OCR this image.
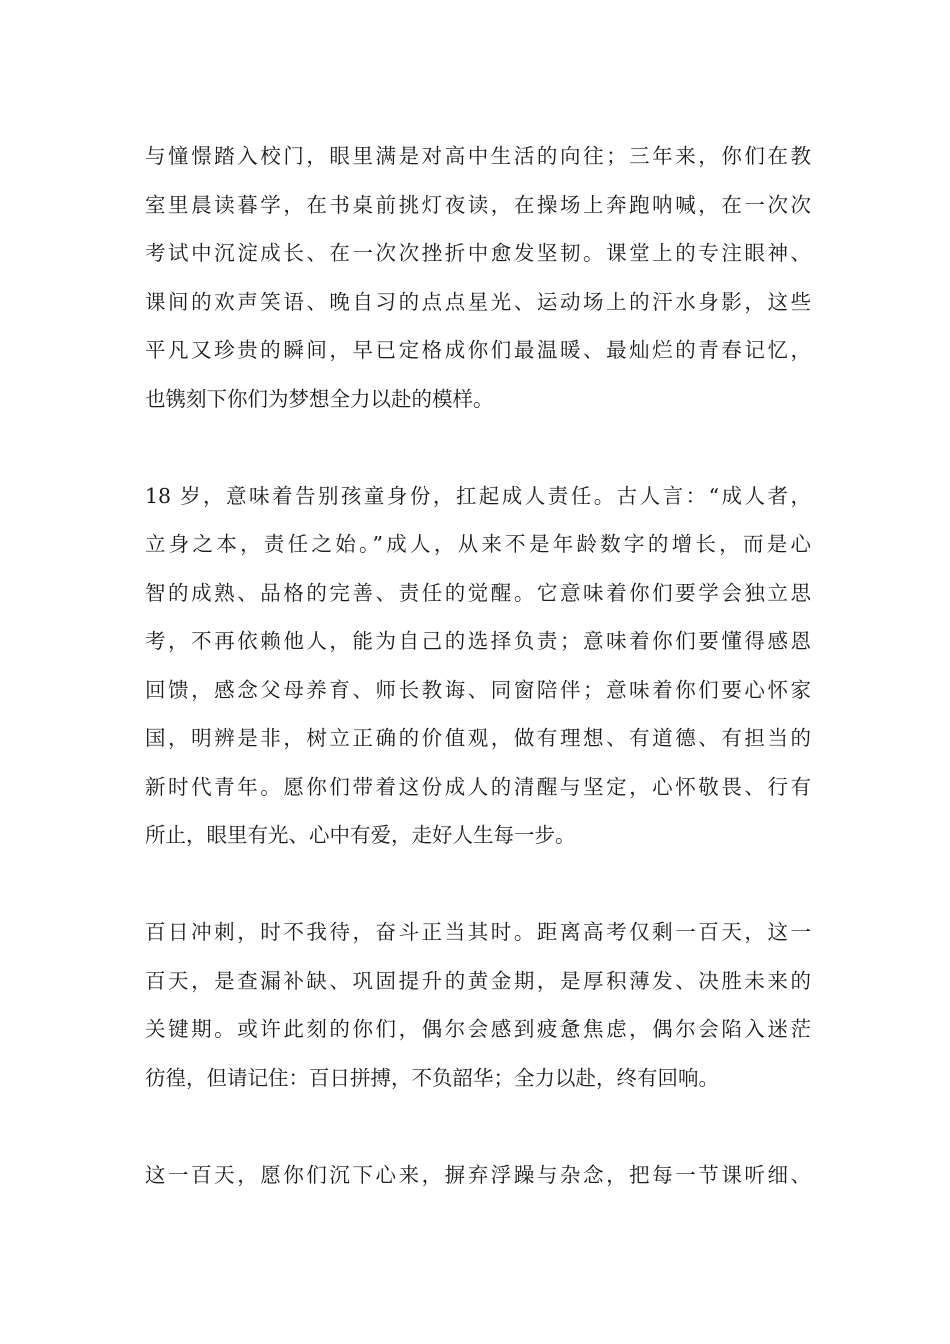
与憧憬踏入校门，眼里满是对高中生活的向往；三年来，你们在教
室里晨读暮学，在书桌前挑灯夜读，在操场上奔跑呐喊，在一次次
考试中沉淀成长、在一次次挫折中愈发坚韧。课堂上的专注眼神、
课间的欢声笑语、晚自习的点点星光、运动场上的汗水身影，这些
平凡又珍贵的瞬间，早已定格成你们最温暖、最灿烂的青春记忆，
也镌刻下你们为梦想全力以赴的模样。

18 岁，意味着告别孩童身份，扛起成人责任。古人言：“成人者，
立身之本，责任之始。”成人，从来不是年龄数字的增长，而是心
智的成熟、品格的完善、责任的觉醒。它意味着你们要学会独立思
考，不再依赖他人，能为自己的选择负责；意味着你们要懂得感恩
回馈，感念父母养育、师长教诲、同窗陪伴；意味着你们要心怀家
国，明辨是非，树立正确的价值观，做有理想、有道德、有担当的
新时代青年。愿你们带着这份成人的清醒与坚定，心怀敬畏、行有
所止，眼里有光、心中有爱，走好人生每一步。

百日冲刺，时不我待，奋斗正当其时。距离高考仅剩一百天，这一
百天，是查漏补缺、巩固提升的黄金期，是厚积薄发、决胜未来的
关键期。或许此刻的你们，偶尔会感到疲惫焦虑，偶尔会陷入迷茫
彷徨，但请记住：百日拼搏，不负韶华；全力以赴，终有回响。

这一百天，愿你们沉下心来，摒弃浮躁与杂念，把每一节课听细、
